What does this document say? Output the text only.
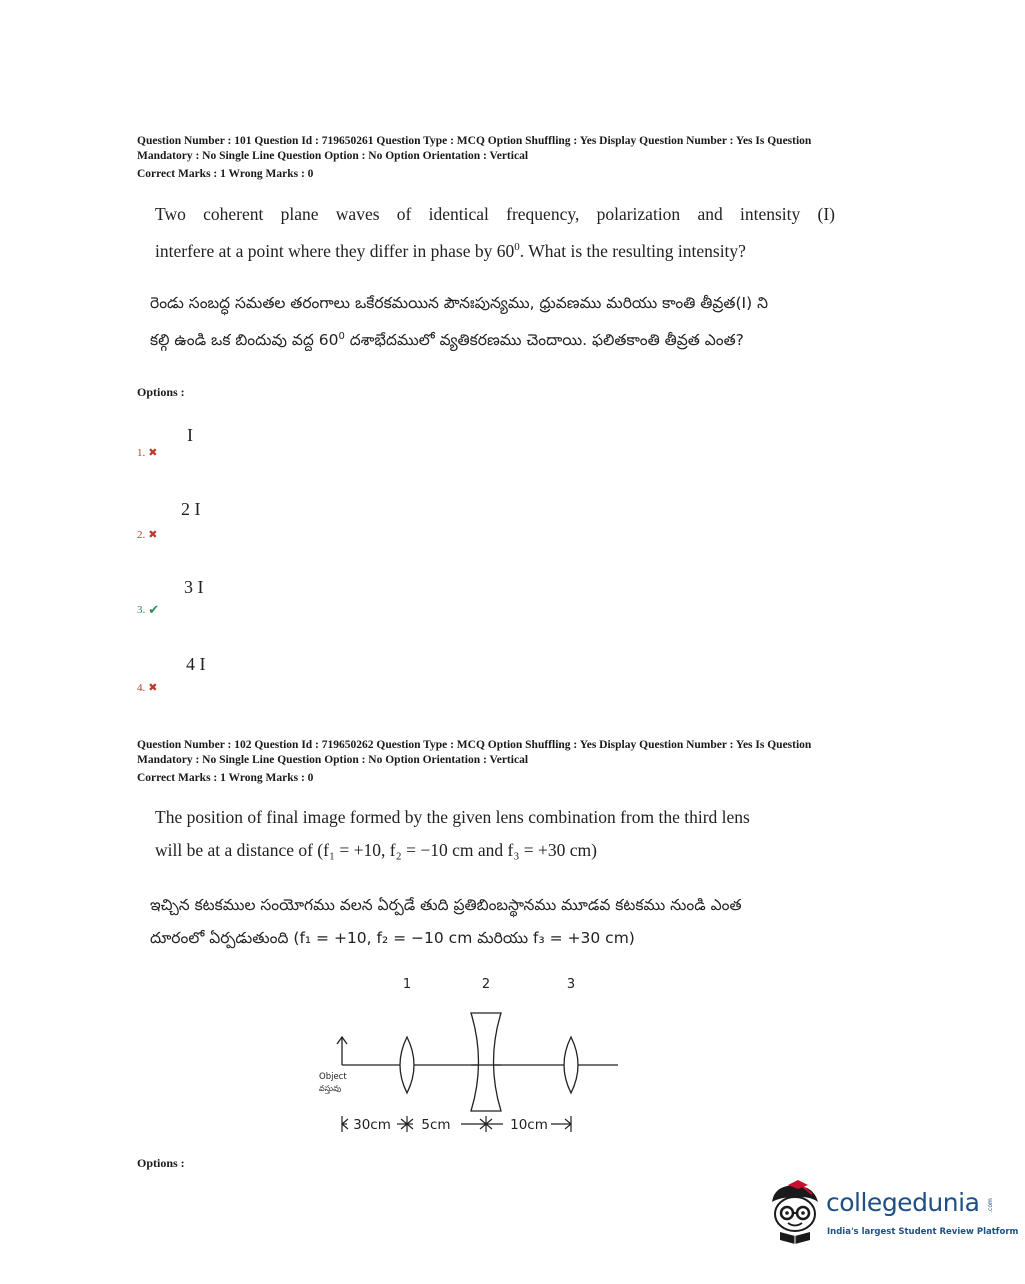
Question Number : 101 Question Id : 719650261 Question Type : MCQ Option Shuffling : Yes Display Question Number : Yes Is Question
Mandatory : No Single Line Question Option : No Option Orientation : Vertical
Correct Marks : 1 Wrong Marks : 0
Two coherent plane waves of identical frequency, polarization and intensity (I)
interfere at a point where they differ in phase by $60^0$. What is the resulting intensity?
రెండు సంబద్ధ సమతల తరంగాలు ఒకేరకమయిన పౌనఃపున్యము, ధ్రువణము మరియు కాంతి తీవ్రత(I) ని
కల్గి ఉండి ఒక బిందువు వద్ద $60^0$ దశాభేదములో వ్యతికరణము చెందాయి. ఫలితకాంతి తీవ్రత ఎంత?
Options :
I
1. ✖
2 I
2. ✖
3 I
3. ✔
4 I
4. ✖
Question Number : 102 Question Id : 719650262 Question Type : MCQ Option Shuffling : Yes Display Question Number : Yes Is Question
Mandatory : No Single Line Question Option : No Option Orientation : Vertical
Correct Marks : 1 Wrong Marks : 0
The position of final image formed by the given lens combination from the third lens
will be at a distance of (f₁ = +10, f₂ = −10 cm and f₃ = +30 cm)
ఇచ్చిన కటకముల సంయోగము వలన ఏర్పడే తుది ప్రతిబింబస్థానము మూడవ కటకము నుండి ఎంత
దూరంలో ఏర్పడుతుంది (f₁ = +10, f₂ = −10 cm మరియు f₃ = +30 cm)
1	2	3
Object
వస్తువు
30cm 5cm	10cm
Options :
collegedunia .com
India's largest Student Review Platform
